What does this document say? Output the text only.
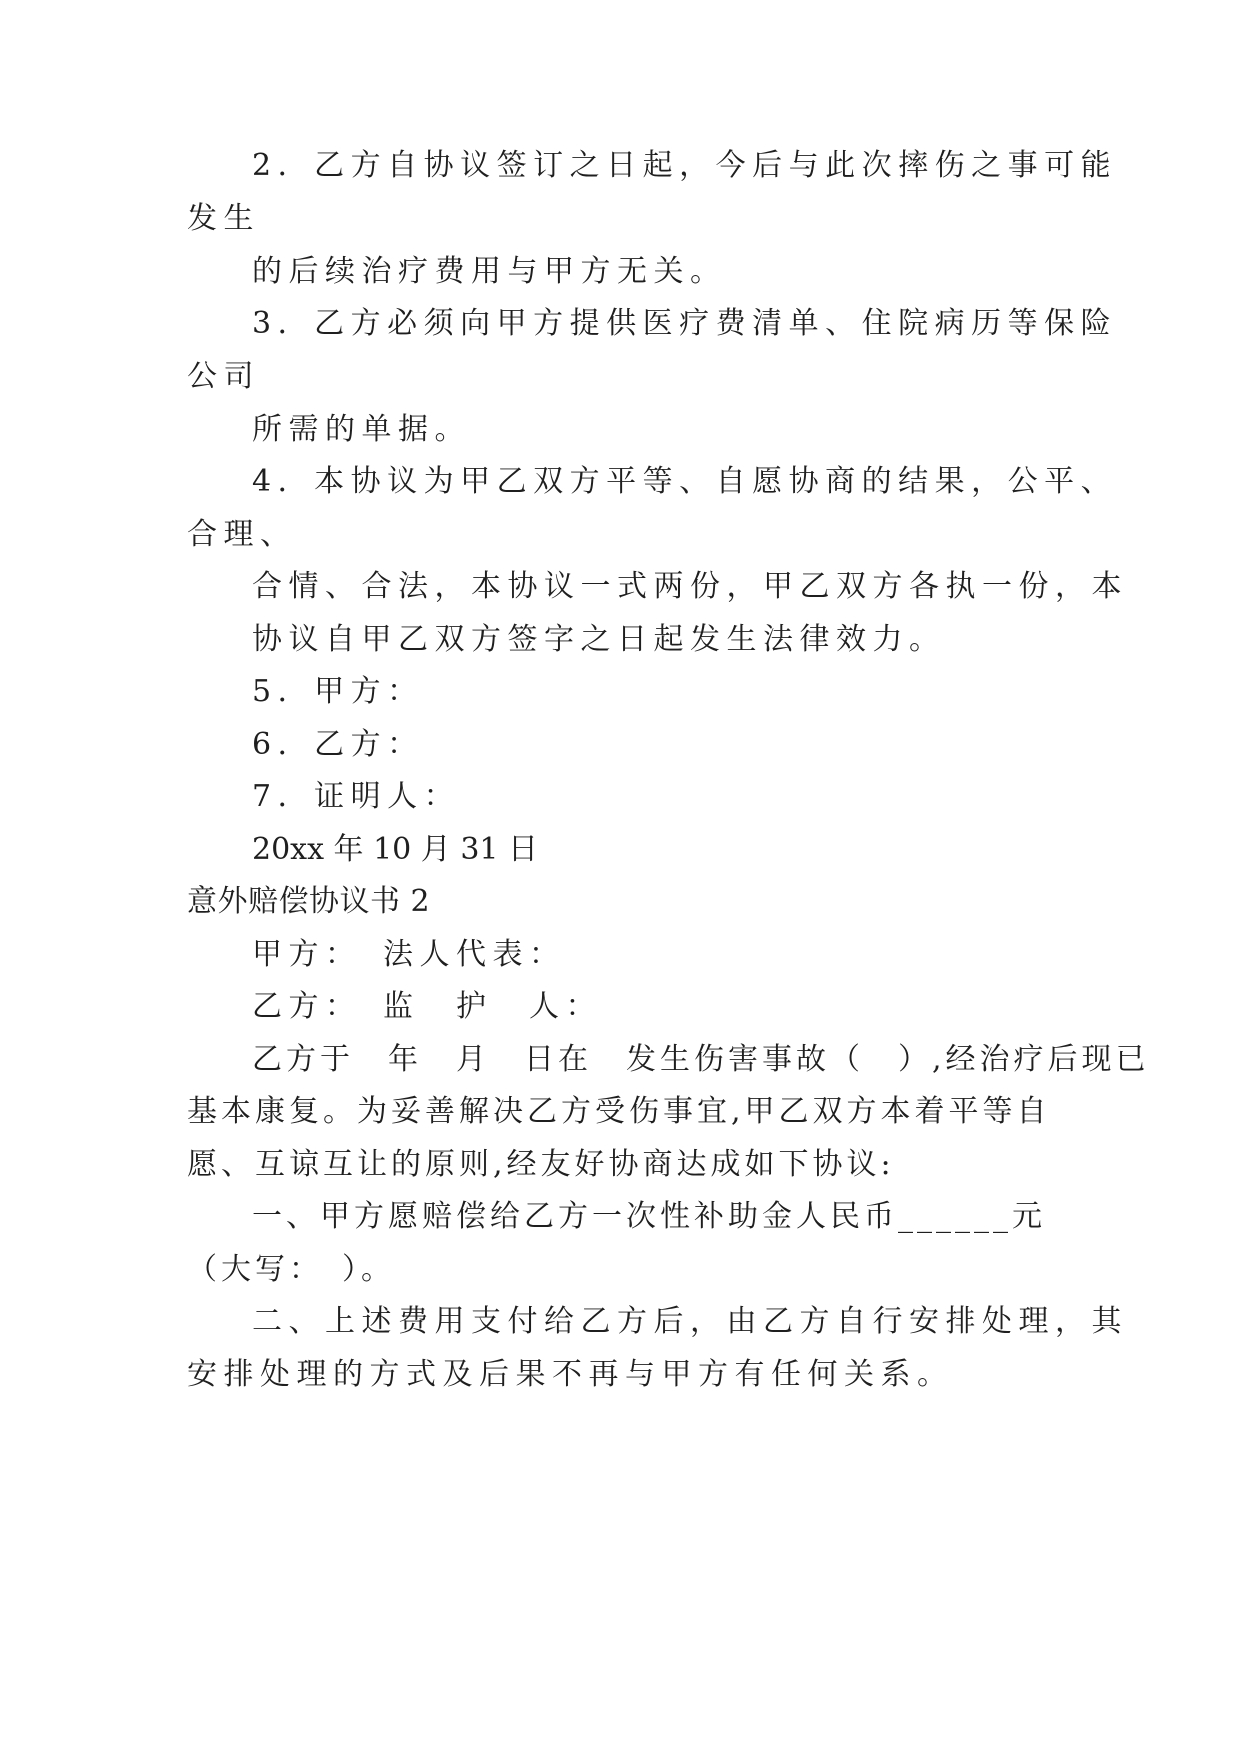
2．乙方自协议签订之日起，今后与此次摔伤之事可能
发生
的后续治疗费用与甲方无关。
3．乙方必须向甲方提供医疗费清单、住院病历等保险
公司
所需的单据。
4．本协议为甲乙双方平等、自愿协商的结果，公平、
合理、
合情、合法，本协议一式两份，甲乙双方各执一份，本
协议自甲乙双方签字之日起发生法律效力。
5．甲方：
6．乙方：
7．证明人：
20xx 年 10 月 31 日
意外赔偿协议书 2
甲方：　法人代表：
乙方：　监　护　人：
乙方于　年　月　日在　发生伤害事故（　）,经治疗后现已
基本康复。为妥善解决乙方受伤事宜,甲乙双方本着平等自
愿、互谅互让的原则,经友好协商达成如下协议:
一、甲方愿赔偿给乙方一次性补助金人民币______元
（大写：　）。
二、上述费用支付给乙方后，由乙方自行安排处理，其
安排处理的方式及后果不再与甲方有任何关系。
